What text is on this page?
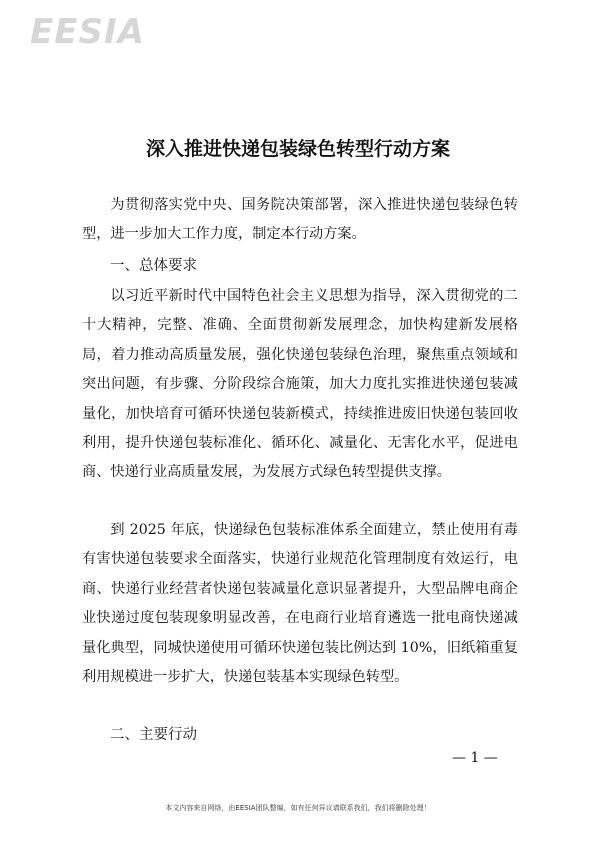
EESIA
深入推进快递包装绿色转型行动方案

为贯彻落实党中央、国务院决策部署，深入推进快递包装绿色转型，进一步加大工作力度，制定本行动方案。

一、总体要求

以习近平新时代中国特色社会主义思想为指导，深入贯彻党的二十大精神，完整、准确、全面贯彻新发展理念，加快构建新发展格局，着力推动高质量发展，强化快递包装绿色治理，聚焦重点领域和突出问题，有步骤、分阶段综合施策，加大力度扎实推进快递包装减量化，加快培育可循环快递包装新模式，持续推进废旧快递包装回收利用，提升快递包装标准化、循环化、减量化、无害化水平，促进电商、快递行业高质量发展，为发展方式绿色转型提供支撑。

到 2025 年底，快递绿色包装标准体系全面建立，禁止使用有毒有害快递包装要求全面落实，快递行业规范化管理制度有效运行，电商、快递行业经营者快递包装减量化意识显著提升，大型品牌电商企业快递过度包装现象明显改善，在电商行业培育遴选一批电商快递减量化典型，同城快递使用可循环快递包装比例达到 10%，旧纸箱重复利用规模进一步扩大，快递包装基本实现绿色转型。

二、主要行动
— 1 —
本文内容来自网络，由EESIA团队整编，如有任何异议请联系我们，我们将删除处理！
